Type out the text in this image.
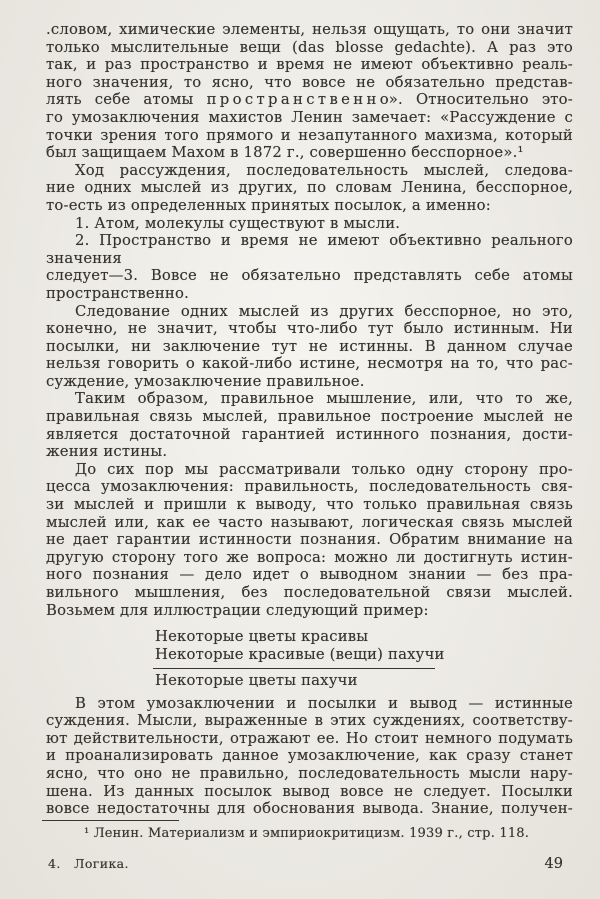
.словом, химические элементы, нельзя ощущать, то они значит
только мыслительные вещи (das blosse gedachte). А раз это
так, и раз пространство и время не имеют объективно реаль-
ного значения, то ясно, что вовсе не обязательно представ-
лять себе атомы п р о с т р а н с т в е н н о». Относительно это-
го умозаключения махистов Ленин замечает: «Рассуждение с
точки зрения того прямого и незапутанного махизма, который
был защищаем Махом в 1872 г., совершенно бесспорное».¹
Ход рассуждения, последовательность мыслей, следова-
ние одних мыслей из других, по словам Ленина, бесспорное,
то-есть из определенных принятых посылок, а именно:
1. Атом, молекулы существуют в мысли.
2. Пространство и время не имеют объективно реального
значения
следует—3. Вовсе не обязательно представлять себе атомы
пространственно.
Следование одних мыслей из других бесспорное, но это,
конечно, не значит, чтобы что-либо тут было истинным. Ни
посылки, ни заключение тут не истинны. В данном случае
нельзя говорить о какой-либо истине, несмотря на то, что рас-
суждение, умозаключение правильное.
Таким образом, правильное мышление, или, что то же,
правильная связь мыслей, правильное построение мыслей не
является достаточной гарантией истинного познания, дости-
жения истины.
До сих пор мы рассматривали только одну сторону про-
цесса умозаключения: правильность, последовательность свя-
зи мыслей и пришли к выводу, что только правильная связь
мыслей или, как ее часто называют, логическая связь мыслей
не дает гарантии истинности познания. Обратим внимание на
другую сторону того же вопроса: можно ли достигнуть истин-
ного познания — дело идет о выводном знании — без пра-
вильного мышления, без последовательной связи мыслей.
Возьмем для иллюстрации следующий пример:
Некоторые цветы красивы
Некоторые красивые (вещи) пахучи
Некоторые цветы пахучи
В этом умозаключении и посылки и вывод — истинные
суждения. Мысли, выраженные в этих суждениях, соответству-
ют действительности, отражают ее. Но стоит немного подумать
и проанализировать данное умозаключение, как сразу станет
ясно, что оно не правильно, последовательность мысли нару-
шена. Из данных посылок вывод вовсе не следует. Посылки
вовсе недостаточны для обоснования вывода. Знание, получен-
¹ Ленин. Материализм и эмпириокритицизм. 1939 г., стр. 118.
4.  Логика.	49
